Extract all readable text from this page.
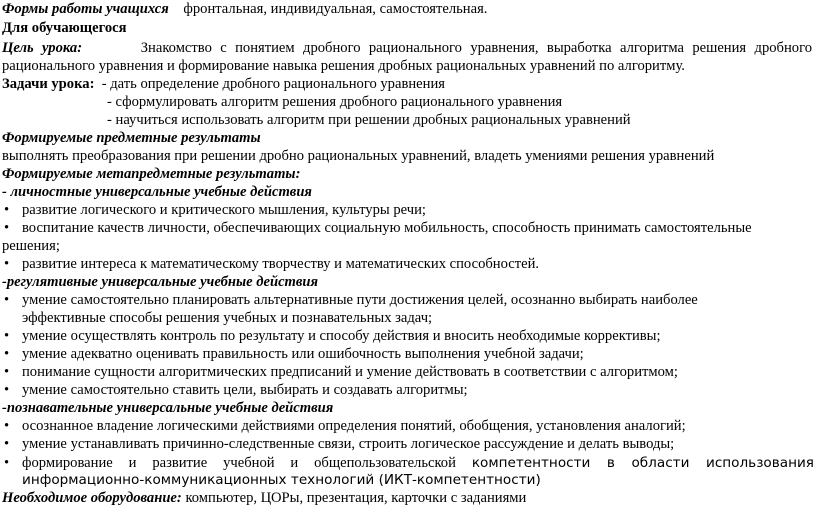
Формы работы учащихся фронтальная, индивидуальная, самостоятельная.
Для обучающегося
Цель урока:	Знакомство с понятием дробного рационального уравнения, выработка алгоритма решения дробного
рационального уравнения и формирование навыка решения дробных рациональных уравнений по алгоритму.
Задачи урока: - дать определение дробного рационального уравнения
- сформулировать алгоритм решения дробного рационального уравнения
- научиться использовать алгоритм при решении дробных рациональных уравнений
Формируемые предметные результаты
выполнять преобразования при решении дробно рациональных уравнений, владеть умениями решения уравнений
Формируемые метапредметные результаты:
- личностные универсальные учебные действия
• развитие логического и критического мышления, культуры речи;
• воспитание качеств личности, обеспечивающих социальную мобильность, способность принимать самостоятельные
решения;
• развитие интереса к математическому творчеству и математических способностей.
-регулятивные универсальные учебные действия
• умение самостоятельно планировать альтернативные пути достижения целей, осознанно выбирать наиболее
эффективные способы решения учебных и познавательных задач;
• умение осуществлять контроль по результату и способу действия и вносить необходимые коррективы;
• умение адекватно оценивать правильность или ошибочность выполнения учебной задачи;
• понимание сущности алгоритмических предписаний и умение действовать в соответствии с алгоритмом;
• умение самостоятельно ставить цели, выбирать и создавать алгоритмы;
-познавательные универсальные учебные действия
• осознанное владение логическими действиями определения понятий, обобщения, установления аналогий;
• умение устанавливать причинно-следственные связи, строить логическое рассуждение и делать выводы;
• формирование и развитие учебной и общепользовательской компетентности в области использования
информационно-коммуникационных технологий (ИКТ-компетентности)
Необходимое оборудование: компьютер, ЦОРы, презентация, карточки с заданиями
